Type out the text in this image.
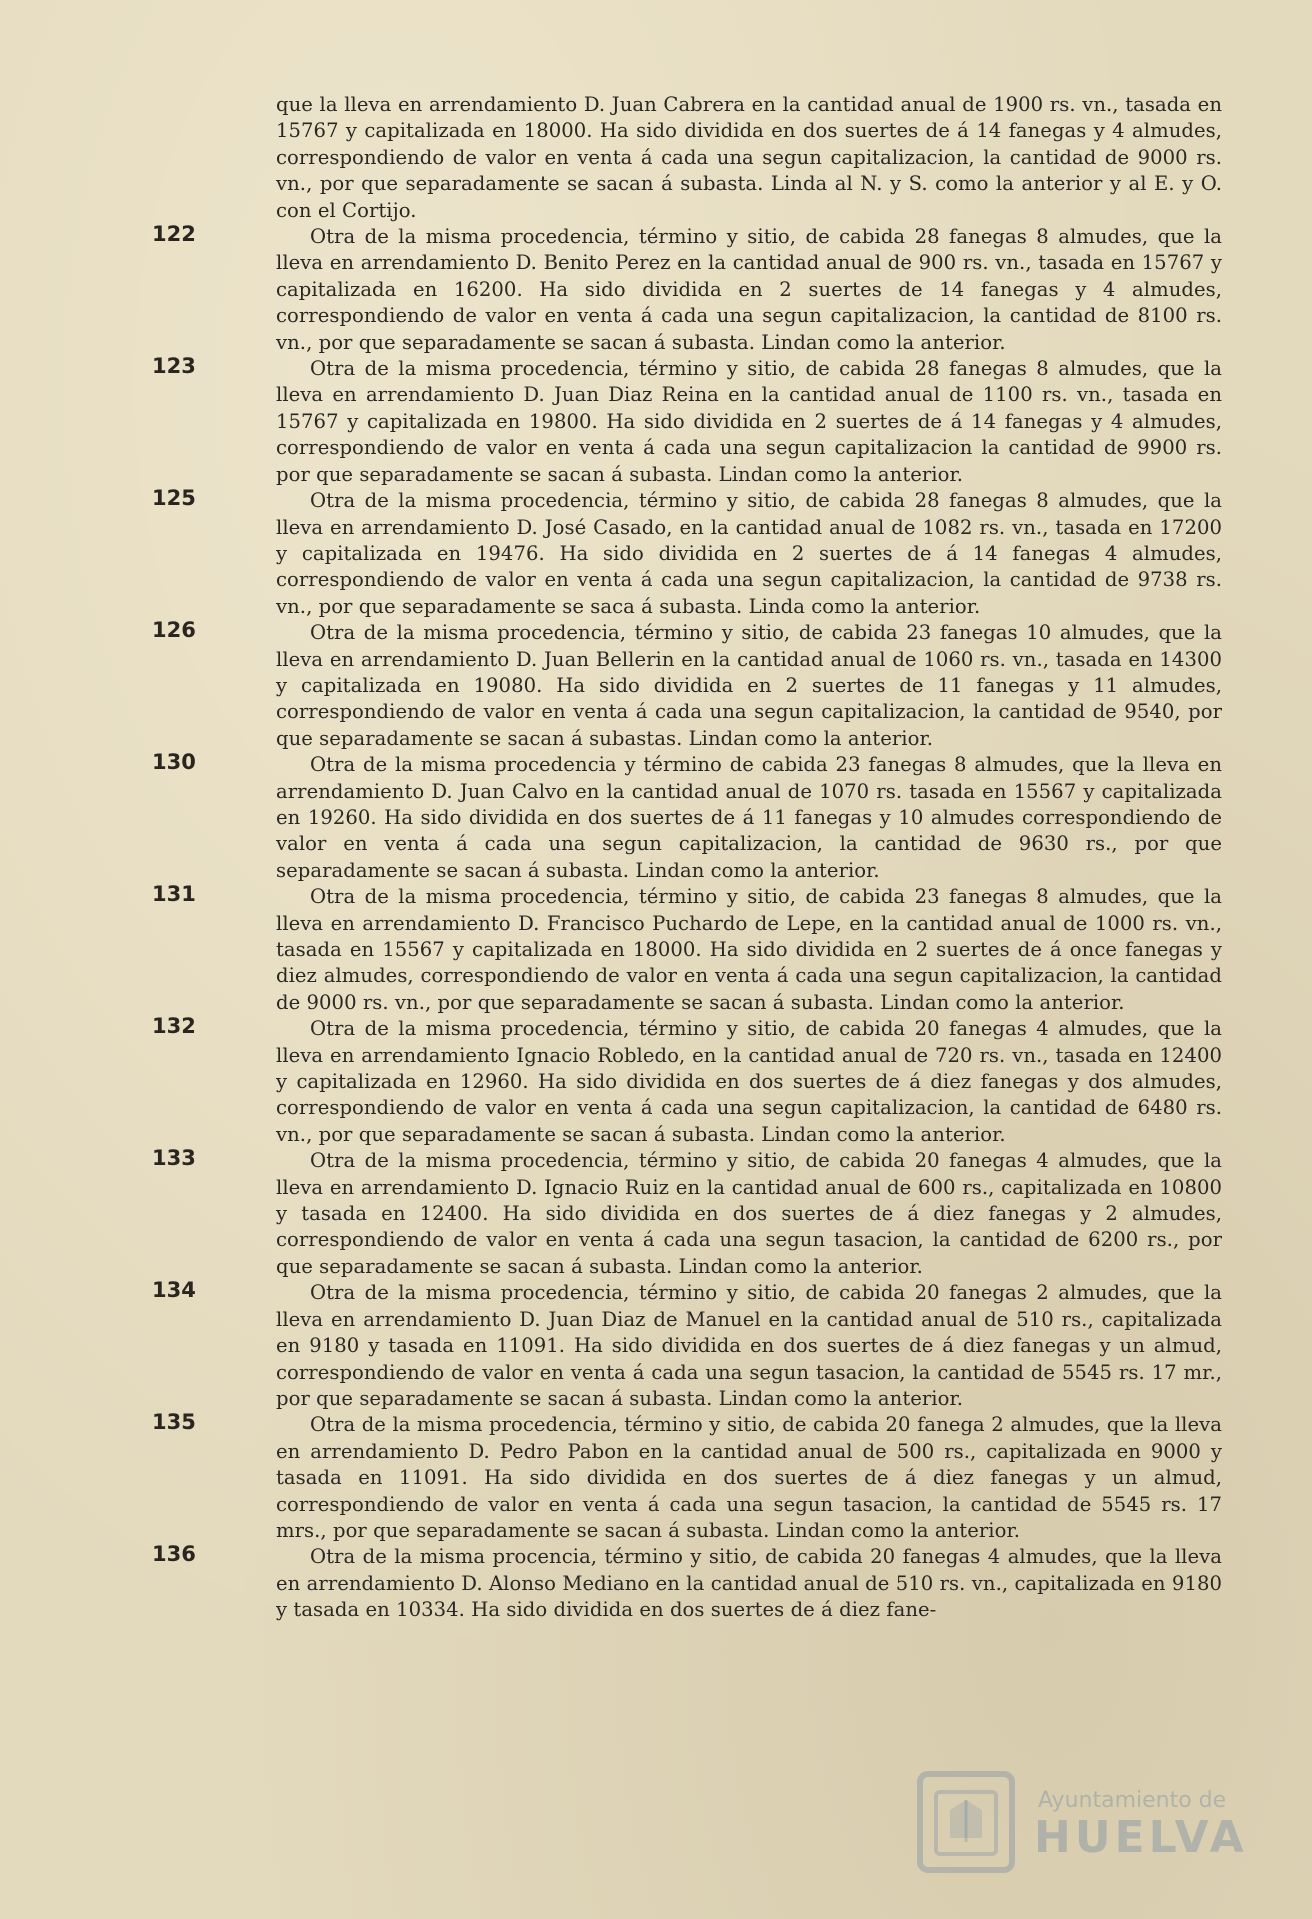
que la lleva en arrendamiento D. Juan Cabrera en la cantidad anual de 1900 rs. vn., tasada en 15767 y capitalizada en 18000. Ha sido dividida en dos suertes de á 14 fanegas y 4 almudes, correspondiendo de valor en venta á cada una segun capitalizacion, la cantidad de 9000 rs. vn., por que separadamente se sacan á subasta. Linda al N. y S. como la anterior y al E. y O. con el Cortijo.

122	Otra de la misma procedencia, término y sitio, de cabida 28 fanegas 8 almudes, que la lleva en arrendamiento D. Benito Perez en la cantidad anual de 900 rs. vn., tasada en 15767 y capitalizada en 16200. Ha sido dividida en 2 suertes de 14 fanegas y 4 almudes, correspondiendo de valor en venta á cada una segun capitalizacion, la cantidad de 8100 rs. vn., por que separadamente se sacan á subasta. Lindan como la anterior.

123	Otra de la misma procedencia, término y sitio, de cabida 28 fanegas 8 almudes, que la lleva en arrendamiento D. Juan Diaz Reina en la cantidad anual de 1100 rs. vn., tasada en 15767 y capitalizada en 19800. Ha sido dividida en 2 suertes de á 14 fanegas y 4 almudes, correspondiendo de valor en venta á cada una segun capitalizacion la cantidad de 9900 rs. por que separadamente se sacan á subasta. Lindan como la anterior.

125	Otra de la misma procedencia, término y sitio, de cabida 28 fanegas 8 almudes, que la lleva en arrendamiento D. José Casado, en la cantidad anual de 1082 rs. vn., tasada en 17200 y capitalizada en 19476. Ha sido dividida en 2 suertes de á 14 fanegas 4 almudes, correspondiendo de valor en venta á cada una segun capitalizacion, la cantidad de 9738 rs. vn., por que separadamente se saca á subasta. Linda como la anterior.

126	Otra de la misma procedencia, término y sitio, de cabida 23 fanegas 10 almudes, que la lleva en arrendamiento D. Juan Bellerin en la cantidad anual de 1060 rs. vn., tasada en 14300 y capitalizada en 19080. Ha sido dividida en 2 suertes de 11 fanegas y 11 almudes, correspondiendo de valor en venta á cada una segun capitalizacion, la cantidad de 9540, por que separadamente se sacan á subastas. Lindan como la anterior.

130	Otra de la misma procedencia y término de cabida 23 fanegas 8 almudes, que la lleva en arrendamiento D. Juan Calvo en la cantidad anual de 1070 rs. tasada en 15567 y capitalizada en 19260. Ha sido dividida en dos suertes de á 11 fanegas y 10 almudes correspondiendo de valor en venta á cada una segun capitalizacion, la cantidad de 9630 rs., por que separadamente se sacan á subasta. Lindan como la anterior.

131	Otra de la misma procedencia, término y sitio, de cabida 23 fanegas 8 almudes, que la lleva en arrendamiento D. Francisco Puchardo de Lepe, en la cantidad anual de 1000 rs. vn., tasada en 15567 y capitalizada en 18000. Ha sido dividida en 2 suertes de á once fanegas y diez almudes, correspondiendo de valor en venta á cada una segun capitalizacion, la cantidad de 9000 rs. vn., por que separadamente se sacan á subasta. Lindan como la anterior.

132	Otra de la misma procedencia, término y sitio, de cabida 20 fanegas 4 almudes, que la lleva en arrendamiento Ignacio Robledo, en la cantidad anual de 720 rs. vn., tasada en 12400 y capitalizada en 12960. Ha sido dividida en dos suertes de á diez fanegas y dos almudes, correspondiendo de valor en venta á cada una segun capitalizacion, la cantidad de 6480 rs. vn., por que separadamente se sacan á subasta. Lindan como la anterior.

133	Otra de la misma procedencia, término y sitio, de cabida 20 fanegas 4 almudes, que la lleva en arrendamiento D. Ignacio Ruiz en la cantidad anual de 600 rs., capitalizada en 10800 y tasada en 12400. Ha sido dividida en dos suertes de á diez fanegas y 2 almudes, correspondiendo de valor en venta á cada una segun tasacion, la cantidad de 6200 rs., por que separadamente se sacan á subasta. Lindan como la anterior.

134	Otra de la misma procedencia, término y sitio, de cabida 20 fanegas 2 almudes, que la lleva en arrendamiento D. Juan Diaz de Manuel en la cantidad anual de 510 rs., capitalizada en 9180 y tasada en 11091. Ha sido dividida en dos suertes de á diez fanegas y un almud, correspondiendo de valor en venta á cada una segun tasacion, la cantidad de 5545 rs. 17 mr., por que separadamente se sacan á subasta. Lindan como la anterior.

135	Otra de la misma procedencia, término y sitio, de cabida 20 fanega 2 almudes, que la lleva en arrendamiento D. Pedro Pabon en la cantidad anual de 500 rs., capitalizada en 9000 y tasada en 11091. Ha sido dividida en dos suertes de á diez fanegas y un almud, correspondiendo de valor en venta á cada una segun tasacion, la cantidad de 5545 rs. 17 mrs., por que separadamente se sacan á subasta. Lindan como la anterior.

136	Otra de la misma procencia, término y sitio, de cabida 20 fanegas 4 almudes, que la lleva en arrendamiento D. Alonso Mediano en la cantidad anual de 510 rs. vn., capitalizada en 9180 y tasada en 10334. Ha sido dividida en dos suertes de á diez fane-

Ayuntamiento de
HUELVA
